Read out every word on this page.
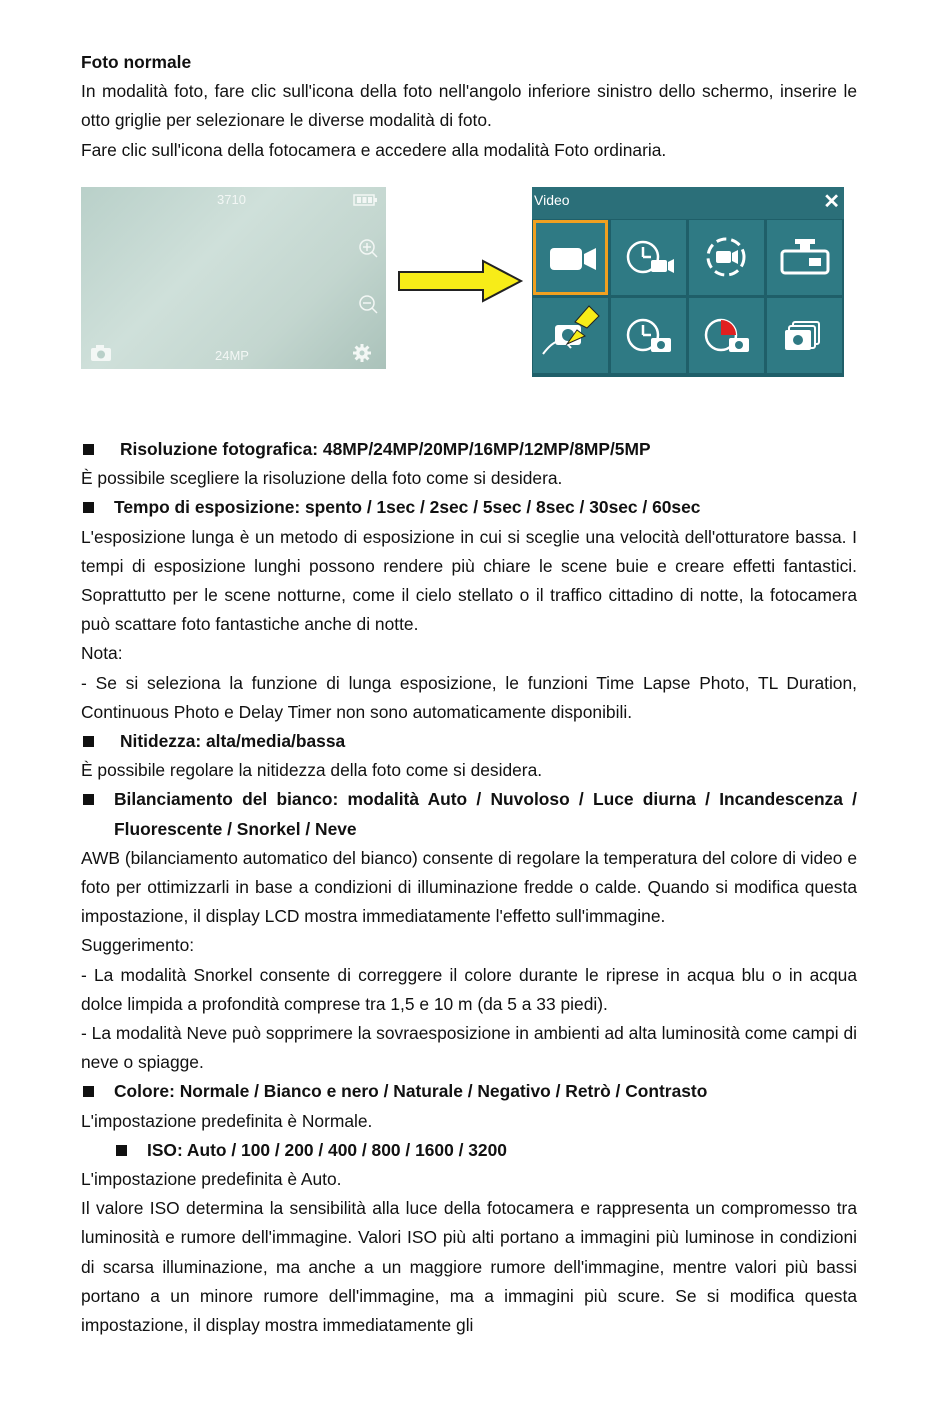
Foto normale
In modalità foto, fare clic sull'icona della foto nell'angolo inferiore sinistro dello schermo, inserire le otto griglie per selezionare le diverse modalità di foto.
Fare clic sull'icona della fotocamera e accedere alla modalità Foto ordinaria.
3710
24MP
Video	✕
Risoluzione fotografica: 48MP/24MP/20MP/16MP/12MP/8MP/5MP
È possibile scegliere la risoluzione della foto come si desidera.
Tempo di esposizione: spento / 1sec / 2sec / 5sec / 8sec / 30sec / 60sec
L'esposizione lunga è un metodo di esposizione in cui si sceglie una velocità dell'otturatore bassa. I tempi di esposizione lunghi possono rendere più chiare le scene buie e creare effetti fantastici. Soprattutto per le scene notturne, come il cielo stellato o il traffico cittadino di notte, la fotocamera può scattare foto fantastiche anche di notte.
Nota:
- Se si seleziona la funzione di lunga esposizione, le funzioni Time Lapse Photo, TL Duration, Continuous Photo e Delay Timer non sono automaticamente disponibili.
Nitidezza: alta/media/bassa
È possibile regolare la nitidezza della foto come si desidera.
Bilanciamento del bianco: modalità Auto / Nuvoloso / Luce diurna / Incandescenza / Fluorescente / Snorkel / Neve
AWB (bilanciamento automatico del bianco) consente di regolare la temperatura del colore di video e foto per ottimizzarli in base a condizioni di illuminazione fredde o calde. Quando si modifica questa impostazione, il display LCD mostra immediatamente l'effetto sull'immagine.
Suggerimento:
- La modalità Snorkel consente di correggere il colore durante le riprese in acqua blu o in acqua dolce limpida a profondità comprese tra 1,5 e 10 m (da 5 a 33 piedi).
- La modalità Neve può sopprimere la sovraesposizione in ambienti ad alta luminosità come campi di neve o spiagge.
Colore: Normale / Bianco e nero / Naturale / Negativo / Retrò / Contrasto
L'impostazione predefinita è Normale.
ISO: Auto / 100 / 200 / 400 / 800 / 1600 / 3200
L'impostazione predefinita è Auto.
Il valore ISO determina la sensibilità alla luce della fotocamera e rappresenta un compromesso tra luminosità e rumore dell'immagine. Valori ISO più alti portano a immagini più luminose in condizioni di scarsa illuminazione, ma anche a un maggiore rumore dell'immagine, mentre valori più bassi portano a un minore rumore dell'immagine, ma a immagini più scure. Se si modifica questa impostazione, il display mostra immediatamente gli
